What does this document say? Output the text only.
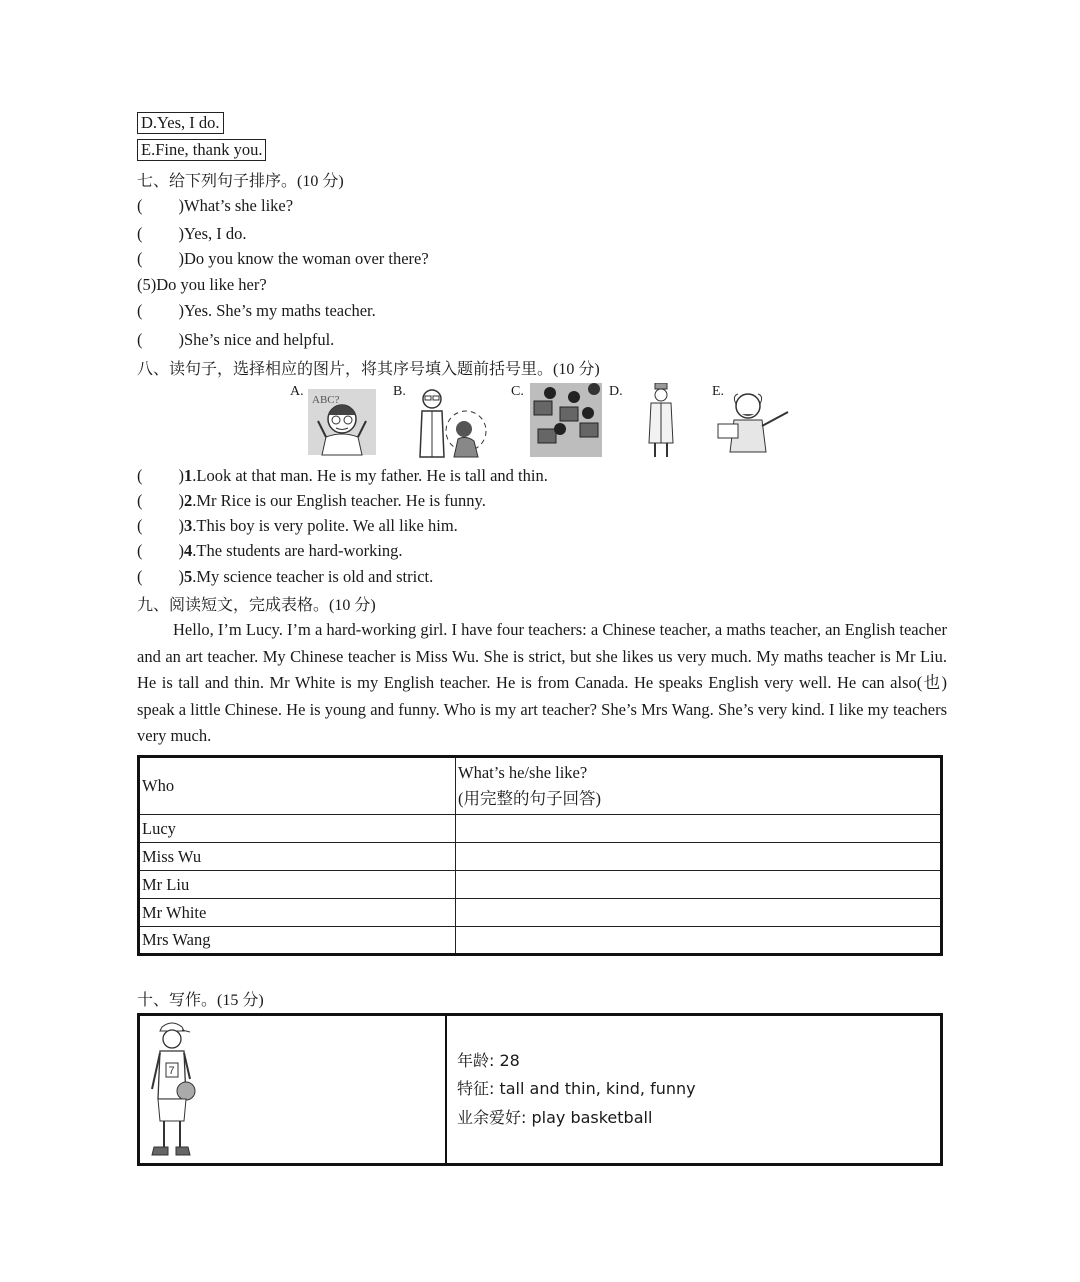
D.Yes, I do.
E.Fine, thank you.
七、给下列句子排序。(10 分)
( )What’s she like?
( )Yes, I do.
( )Do you know the woman over there?
(5)Do you like her?
( )Yes. She’s my maths teacher.
( )She’s nice and helpful.
八、读句子，选择相应的图片，将其序号填入题前括号里。(10 分)
A.	B.	C.	D.	E.
ABC?
( )1.Look at that man. He is my father. He is tall and thin.
( )2.Mr Rice is our English teacher. He is funny.
( )3.This boy is very polite. We all like him.
( )4.The students are hard-working.
( )5.My science teacher is old and strict.
九、阅读短文，完成表格。(10 分)
Hello, I’m Lucy. I’m a hard-working girl. I have four teachers: a Chinese teacher, a maths teacher, an English teacher and an art teacher. My Chinese teacher is Miss Wu. She is strict, but she likes us very much. My maths teacher is Mr Liu. He is tall and thin. Mr White is my English teacher. He is from Canada. He speaks English very well. He can also(也) speak a little Chinese. He is young and funny. Who is my art teacher? She’s Mrs Wang. She’s very kind. I like my teachers very much.
Who	What’s he/she like?
(用完整的句子回答)

Lucy	
Miss Wu	
Mr Liu	
Mr White	
Mrs Wang	
十、写作。(15 分)
7
年龄: 28
特征: tall and thin, kind, funny
业余爱好: play basketball
